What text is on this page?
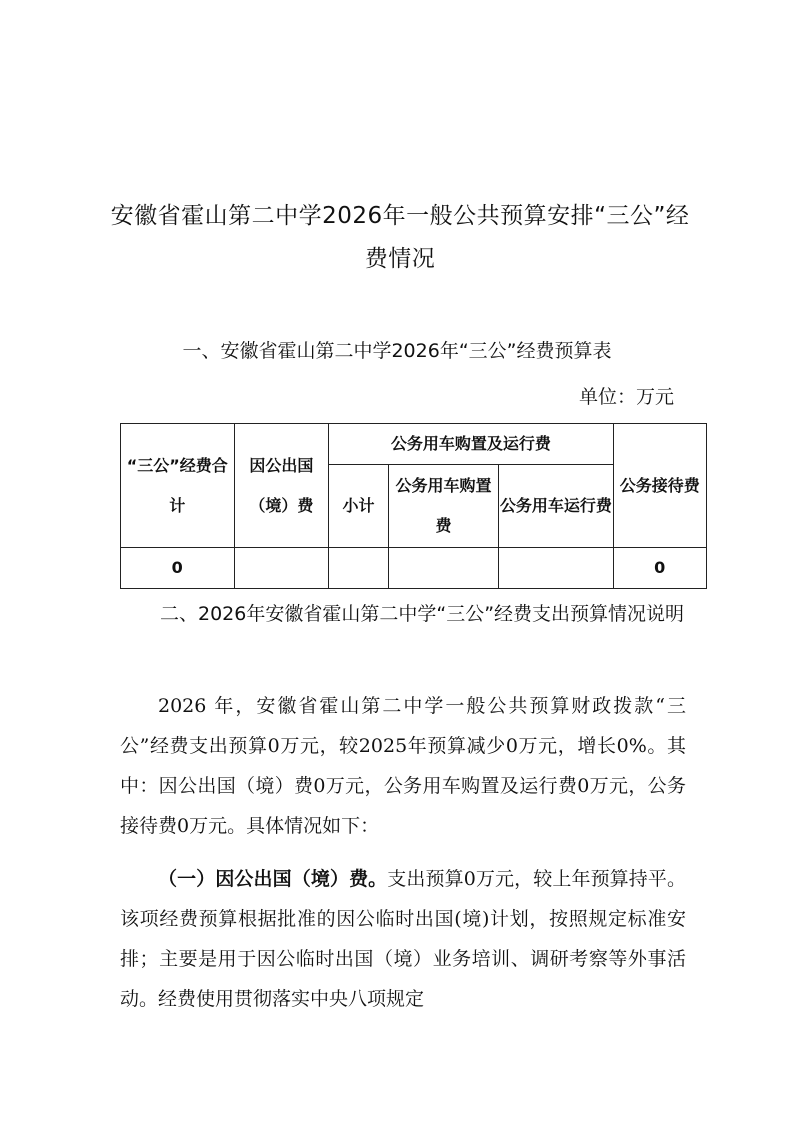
安徽省霍山第二中学2026年一般公共预算安排“三公”经费情况
一、安徽省霍山第二中学2026年“三公”经费预算表
单位：万元
“三公”经费合计	因公出国（境）费	公务用车购置及运行费			公务接待费
		小计	公务用车购置费	公务用车运行费	
0					0
二、2026年安徽省霍山第二中学“三公”经费支出预算情况说明
2026 年，安徽省霍山第二中学一般公共预算财政拨款“三公”经费支出预算0万元，较2025年预算减少0万元，增长0%。其中：因公出国（境）费0万元，公务用车购置及运行费0万元，公务接待费0万元。具体情况如下：
（一）因公出国（境）费。支出预算0万元，较上年预算持平。该项经费预算根据批准的因公临时出国(境)计划，按照规定标准安排；主要是用于因公临时出国（境）业务培训、调研考察等外事活动。经费使用贯彻落实中央八项规定
